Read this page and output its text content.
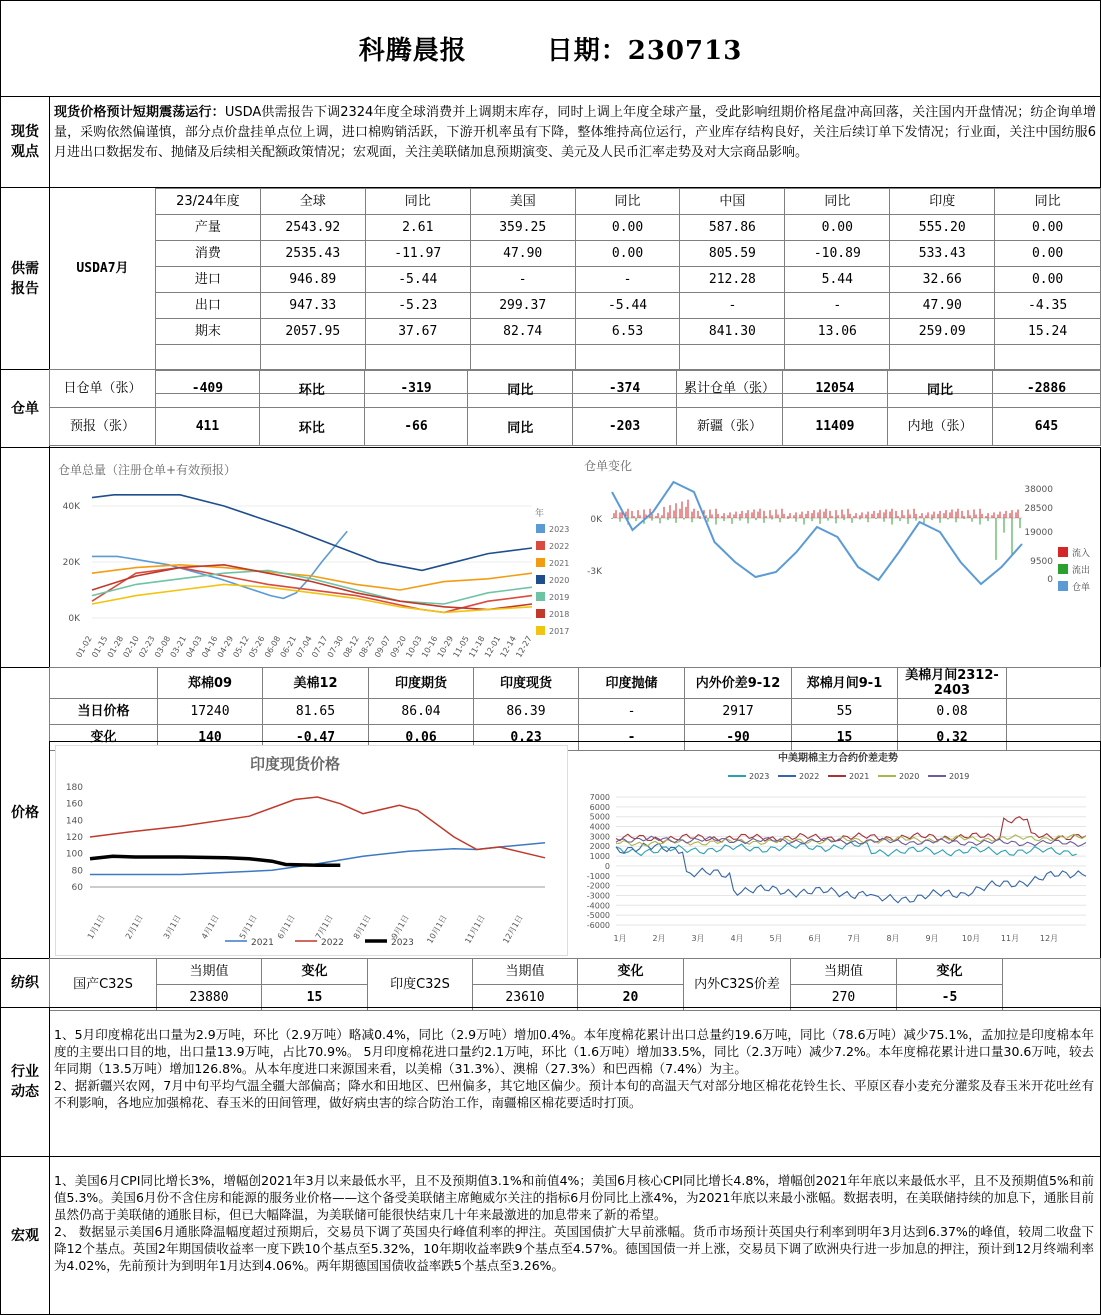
科腾晨报	日期：230713
现货观点
现货价格预计短期震荡运行：USDA供需报告下调2324年度全球消费并上调期末库存，同时上调上年度全球产量，受此影响纽期价格尾盘冲高回落，关注国内开盘情况；纺企询单增量，采购依然偏谨慎，部分点价盘挂单点位上调，进口棉购销活跃，下游开机率虽有下降，整体维持高位运行，产业库存结构良好，关注后续订单下发情况；行业面，关注中国纺服6月进出口数据发布、抛储及后续相关配额政策情况；宏观面，关注美联储加息预期演变、美元及人民币汇率走势及对大宗商品影响。
供需报告
USDA7月
23/24年度	全球	同比	美国	同比	中国	同比	印度	同比
产量	2543.92	2.61	359.25	0.00	587.86	0.00	555.20	0.00
消费	2535.43	-11.97	47.90	0.00	805.59	-10.89	533.43	0.00
进口	946.89	-5.44	-	-	212.28	5.44	32.66	0.00
出口	947.33	-5.23	299.37	-5.44	-	-	47.90	-4.35
期末	2057.95	37.67	82.74	6.53	841.30	13.06	259.09	15.24

仓单
日仓单（张）	-409	环比	-319	同比	-374	累计仓单（张）	12054	同比	-2886
预报（张）	411	环比	-66	同比	-203	新疆（张）	11409	内地（张）	645
仓单总量（注册仓单+有效预报）
40K
20K
0K
01-02
01-15
01-28
02-10
02-23
03-08
03-21
04-03
04-16
04-29
05-12
05-26
06-08
06-21
07-04
07-17
07-30
08-12
08-25
09-07
09-20
10-03
10-16
10-29
11-05
11-18
12-01
12-14
12-27
年
2023
2022
2021
2020
2019
2018
2017
仓单变化
0K
-3K
38000
28500
19000
9500
0
流入
流出
仓单
价格
	郑棉09	美棉12	印度期货	印度现货	印度抛储	内外价差9-12	郑棉月间9-1	美棉月间2312-2403	
当日价格	17240	81.65	86.04	86.39	-	2917	55	0.08	
变化	140	-0.47	0.06	0.23	-	-90	15	0.32	
印度现货价格
180
160
140
120
100
80
60
1月1日 2月1日 3月1日 4月1日 5月1日 6月1日 7月1日 8月1日 9月1日 10月1日 11月1日 12月1日
2021	2022	2023
中美期棉主力合约价差走势
2023	2022	2021	2020	2019
7000
6000
5000
4000
3000
2000
1000
0
-1000
-2000
-3000
-4000
-5000
-6000
1月	2月	3月	4月	5月	6月	7月	8月	9月	10月	11月	12月
纺织	国产C32S	当期值	变化	印度C32S	当期值	变化	内外C32S价差	当期值	变化	
	23880	15		23610	20		270	-5	
行业动态
1、5月印度棉花出口量为2.9万吨，环比（2.9万吨）略减0.4%，同比（2.9万吨）增加0.4%。本年度棉花累计出口总量约19.6万吨，同比（78.6万吨）减少75.1%，孟加拉是印度棉本年度的主要出口目的地，出口量13.9万吨，占比70.9%。 5月印度棉花进口量约2.1万吨，环比（1.6万吨）增加33.5%，同比（2.3万吨）减少7.2%。本年度棉花累计进口量30.6万吨，较去年同期（13.5万吨）增加126.8%。从本年度进口来源国来看，以美棉（31.3%）、澳棉（27.3%）和巴西棉（7.4%）为主。
2、据新疆兴农网，7月中旬平均气温全疆大部偏高；降水和田地区、巴州偏多，其它地区偏少。预计本旬的高温天气对部分地区棉花花铃生长、平原区春小麦充分灌浆及春玉米开花吐丝有不利影响，各地应加强棉花、春玉米的田间管理，做好病虫害的综合防治工作，南疆棉区棉花要适时打顶。
宏观
1、美国6月CPI同比增长3%，增幅创2021年3月以来最低水平，且不及预期值3.1%和前值4%；美国6月核心CPI同比增长4.8%，增幅创2021年年底以来最低水平，且不及预期值5%和前值5.3%。美国6月份不含住房和能源的服务业价格——这个备受美联储主席鲍威尔关注的指标6月份同比上涨4%，为2021年底以来最小涨幅。数据表明，在美联储持续的加息下，通胀目前虽然仍高于美联储的通胀目标，但已大幅降温，为美联储可能很快结束几十年来最激进的加息带来了新的希望。
2、 数据显示美国6月通胀降温幅度超过预期后，交易员下调了英国央行峰值利率的押注。英国国债扩大早前涨幅。货币市场预计英国央行利率到明年3月达到6.37%的峰值，较周二收盘下降12个基点。英国2年期国债收益率一度下跌10个基点至5.32%，10年期收益率跌9个基点至4.57%。德国国债一并上涨，交易员下调了欧洲央行进一步加息的押注，预计到12月终端利率为4.02%，先前预计为到明年1月达到4.06%。两年期德国国债收益率跌5个基点至3.26%。
